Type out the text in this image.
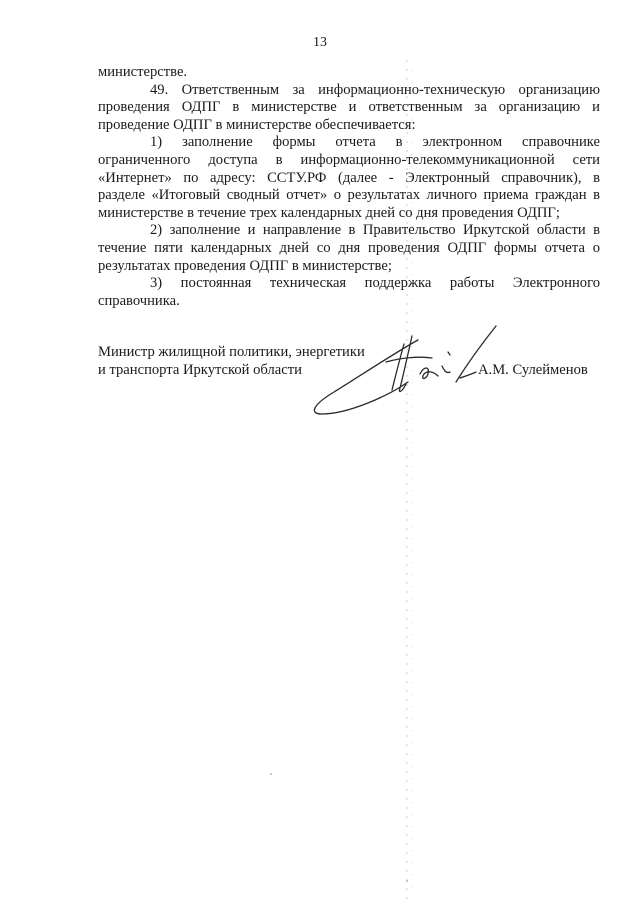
13
министерстве.
49. Ответственным за информационно-техническую организацию
проведения ОДПГ в министерстве и ответственным за организацию и
проведение ОДПГ в министерстве обеспечивается:
1) заполнение формы отчета в электронном справочнике
ограниченного доступа в информационно-телекоммуникационной сети
«Интернет» по адресу: ССТУ.РФ (далее - Электронный справочник), в
разделе «Итоговый сводный отчет» о результатах личного приема граждан в
министерстве в течение трех календарных дней со дня проведения ОДПГ;
2) заполнение и направление в Правительство Иркутской области в
течение пяти календарных дней со дня проведения ОДПГ формы отчета о
результатах проведения ОДПГ в министерстве;
3) постоянная техническая поддержка работы Электронного
справочника.
Министр жилищной политики, энергетики
и транспорта Иркутской области	А.М. Сулейменов
